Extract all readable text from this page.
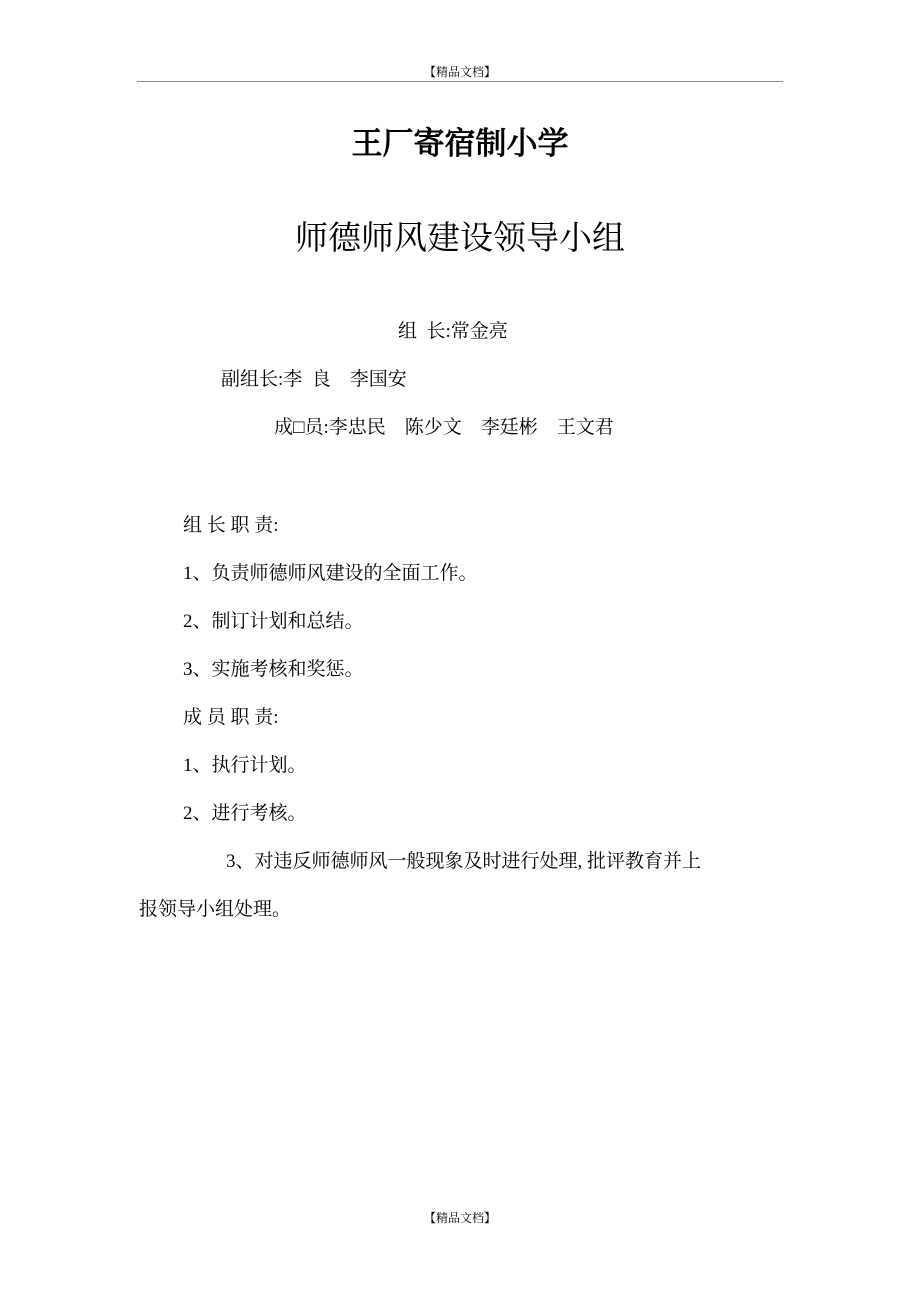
【精品文档】
王厂寄宿制小学
师德师风建设领导小组
组  长:常金亮
副组长:李  良    李国安
成□员:李忠民    陈少文    李廷彬    王文君
组 长 职 责:
1、负责师德师风建设的全面工作。
2、制订计划和总结。
3、实施考核和奖惩。
成 员 职 责:
1、执行计划。
2、进行考核。
3、对违反师德师风一般现象及时进行处理, 批评教育并上
报领导小组处理。
【精品文档】
